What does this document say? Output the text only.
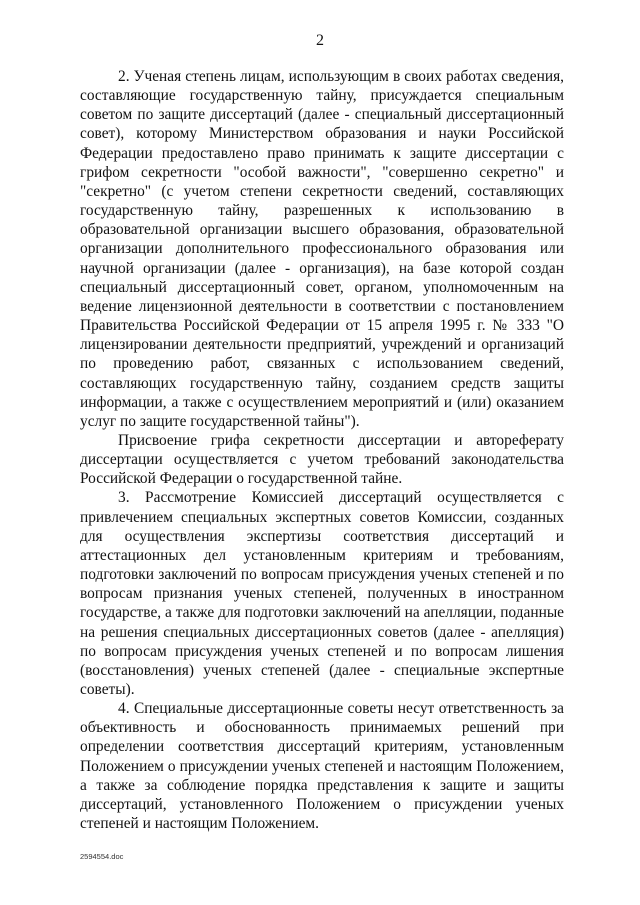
2

2. Ученая степень лицам, использующим в своих работах сведения, составляющие государственную тайну, присуждается специальным советом по защите диссертаций (далее - специальный диссертационный совет), которому Министерством образования и науки Российской Федерации предоставлено право принимать к защите диссертации с грифом секретности "особой важности", "совершенно секретно" и "секретно" (с учетом степени секретности сведений, составляющих государственную тайну, разрешенных к использованию в образовательной организации высшего образования, образовательной организации дополнительного профессионального образования или научной организации (далее - организация), на базе которой создан специальный диссертационный совет, органом, уполномоченным на ведение лицензионной деятельности в соответствии с постановлением Правительства Российской Федерации от 15 апреля 1995 г. № 333 "О лицензировании деятельности предприятий, учреждений и организаций по проведению работ, связанных с использованием сведений, составляющих государственную тайну, созданием средств защиты информации, а также с осуществлением мероприятий и (или) оказанием услуг по защите государственной тайны").

Присвоение грифа секретности диссертации и автореферату диссертации осуществляется с учетом требований законодательства Российской Федерации о государственной тайне.

3. Рассмотрение Комиссией диссертаций осуществляется с привлечением специальных экспертных советов Комиссии, созданных для осуществления экспертизы соответствия диссертаций и аттестационных дел установленным критериям и требованиям, подготовки заключений по вопросам присуждения ученых степеней и по вопросам признания ученых степеней, полученных в иностранном государстве, а также для подготовки заключений на апелляции, поданные на решения специальных диссертационных советов (далее - апелляция) по вопросам присуждения ученых степеней и по вопросам лишения (восстановления) ученых степеней (далее - специальные экспертные советы).

4. Специальные диссертационные советы несут ответственность за объективность и обоснованность принимаемых решений при определении соответствия диссертаций критериям, установленным Положением о присуждении ученых степеней и настоящим Положением, а также за соблюдение порядка представления к защите и защиты диссертаций, установленного Положением о присуждении ученых степеней и настоящим Положением.

2594554.doc
